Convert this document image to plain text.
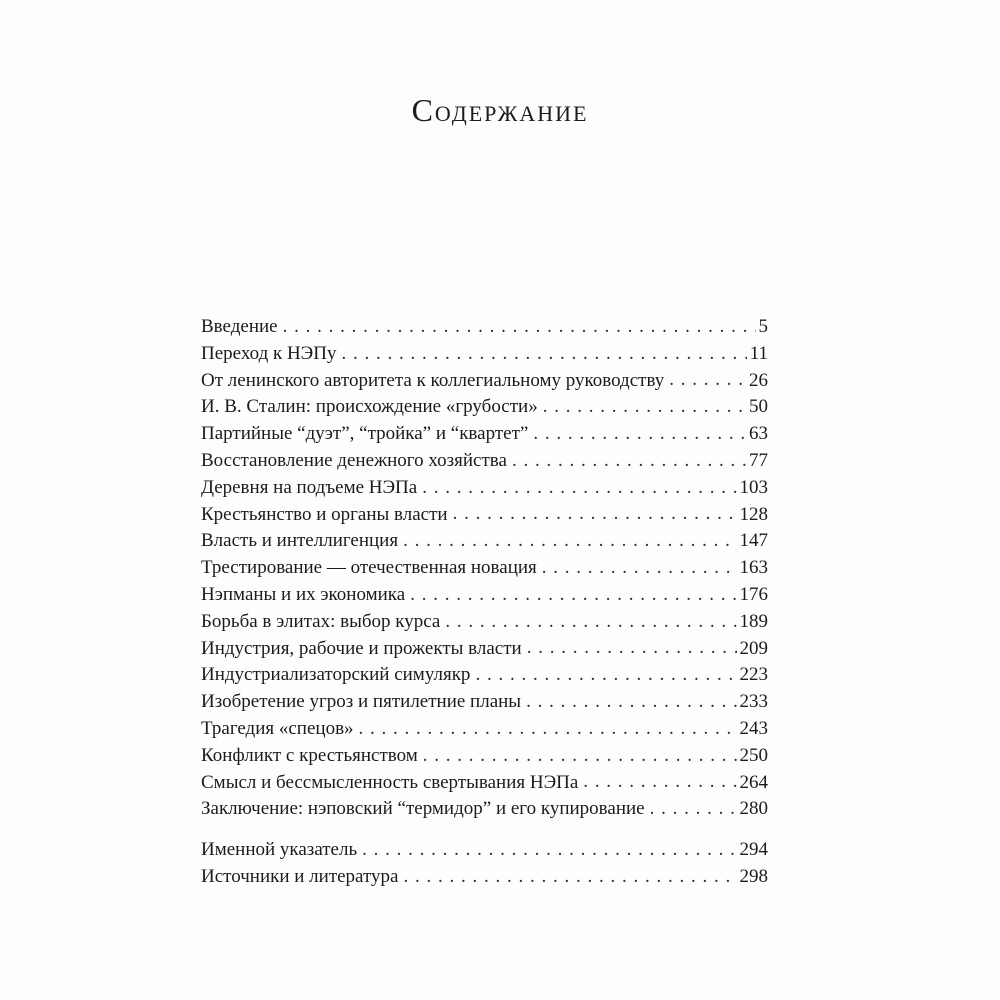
Содержание
Введение . . .	5
Переход к НЭПу . . .	11
От ленинского авторитета к коллегиальному руководству . . .	26
И. В. Сталин: происхождение «грубости» . . .	50
Партийные “дуэт”, “тройка” и “квартет” . . .	63
Восстановление денежного хозяйства . . .	77
Деревня на подъеме НЭПа . . .	103
Крестьянство и органы власти . . .	128
Власть и интеллигенция . . .	147
Трестирование — отечественная новация . . .	163
Нэпманы и их экономика . . .	176
Борьба в элитах: выбор курса . . .	189
Индустрия, рабочие и прожекты власти . . .	209
Индустриализаторский симулякр . . .	223
Изобретение угроз и пятилетние планы . . .	233
Трагедия «спецов» . . .	243
Конфликт с крестьянством . . .	250
Смысл и бессмысленность свертывания НЭПа . . .	264
Заключение: нэповский “термидор” и его купирование . . .	280
Именной указатель . . .	294
Источники и литература . . .	298
